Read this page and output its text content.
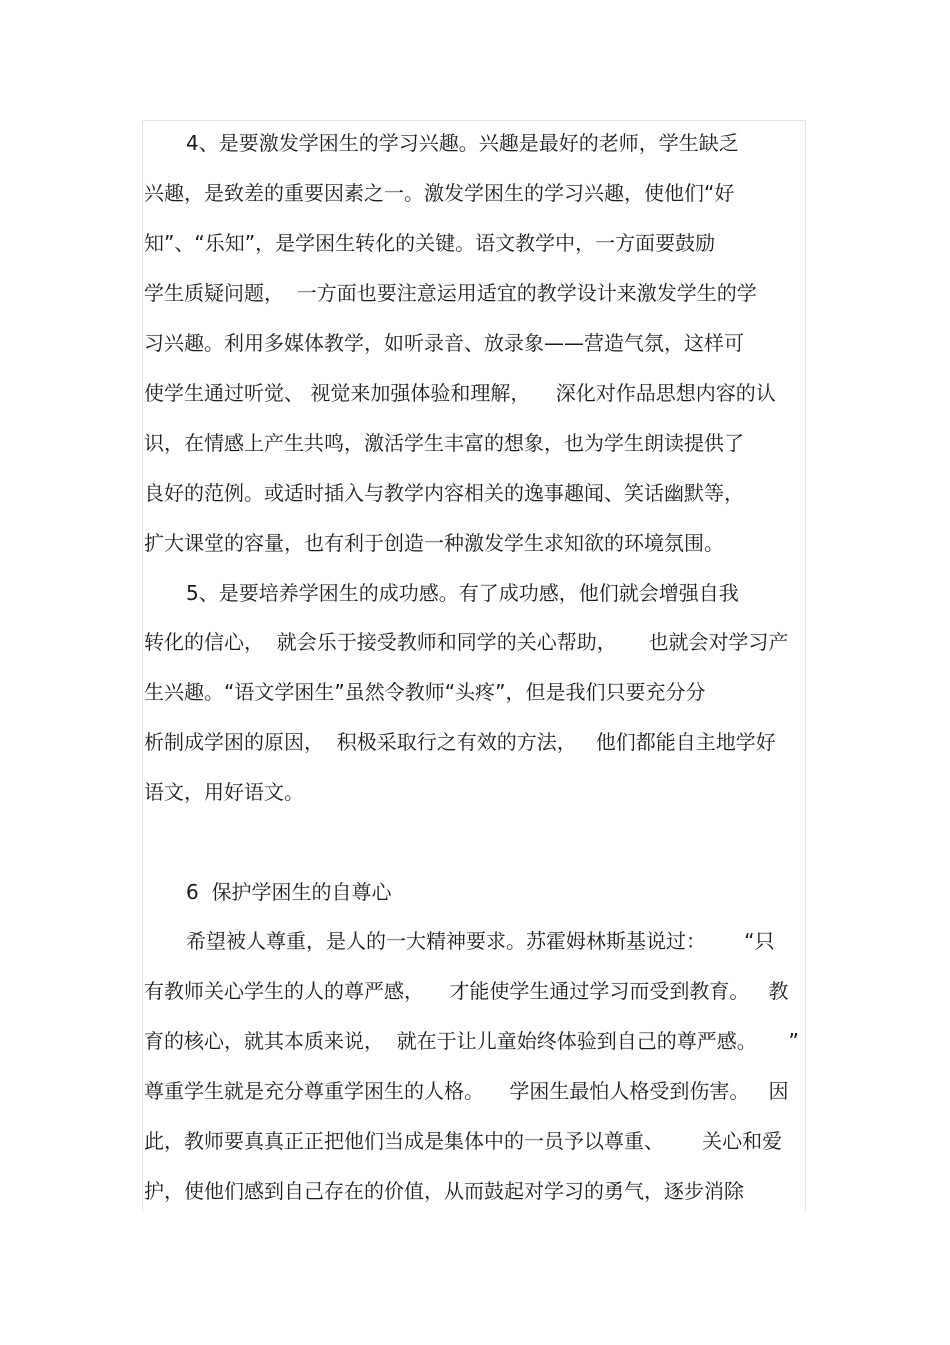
4、是要激发学困生的学习兴趣。兴趣是最好的老师，学生缺乏
兴趣，是致差的重要因素之一。激发学困生的学习兴趣，使他们“好
知”、“乐知”，是学困生转化的关键。语文教学中，一方面要鼓励
学生质疑问题，  一方面也要注意运用适宜的教学设计来激发学生的学
习兴趣。利用多媒体教学，如听录音、放录象——营造气氛，这样可
使学生通过听觉、 视觉来加强体验和理解，    深化对作品思想内容的认
识，在情感上产生共鸣，激活学生丰富的想象，也为学生朗读提供了
良好的范例。或适时插入与教学内容相关的逸事趣闻、笑话幽默等，
扩大课堂的容量，也有利于创造一种激发学生求知欲的环境氛围。
5、是要培养学困生的成功感。有了成功感，他们就会增强自我
转化的信心，  就会乐于接受教师和同学的关心帮助，     也就会对学习产
生兴趣。“语文学困生”虽然令教师“头疼”，但是我们只要充分分
析制成学困的原因，  积极采取行之有效的方法，   他们都能自主地学好
语文，用好语文。
6  保护学困生的自尊心
希望被人尊重，是人的一大精神要求。苏霍姆林斯基说过：      “只
有教师关心学生的人的尊严感，    才能使学生通过学习而受到教育。   教
育的核心，就其本质来说，  就在于让儿童始终体验到自己的尊严感。     ”
尊重学生就是充分尊重学困生的人格。    学困生最怕人格受到伤害。   因
此，教师要真真正正把他们当成是集体中的一员予以尊重、      关心和爱
护，使他们感到自己存在的价值，从而鼓起对学习的勇气，逐步消除
